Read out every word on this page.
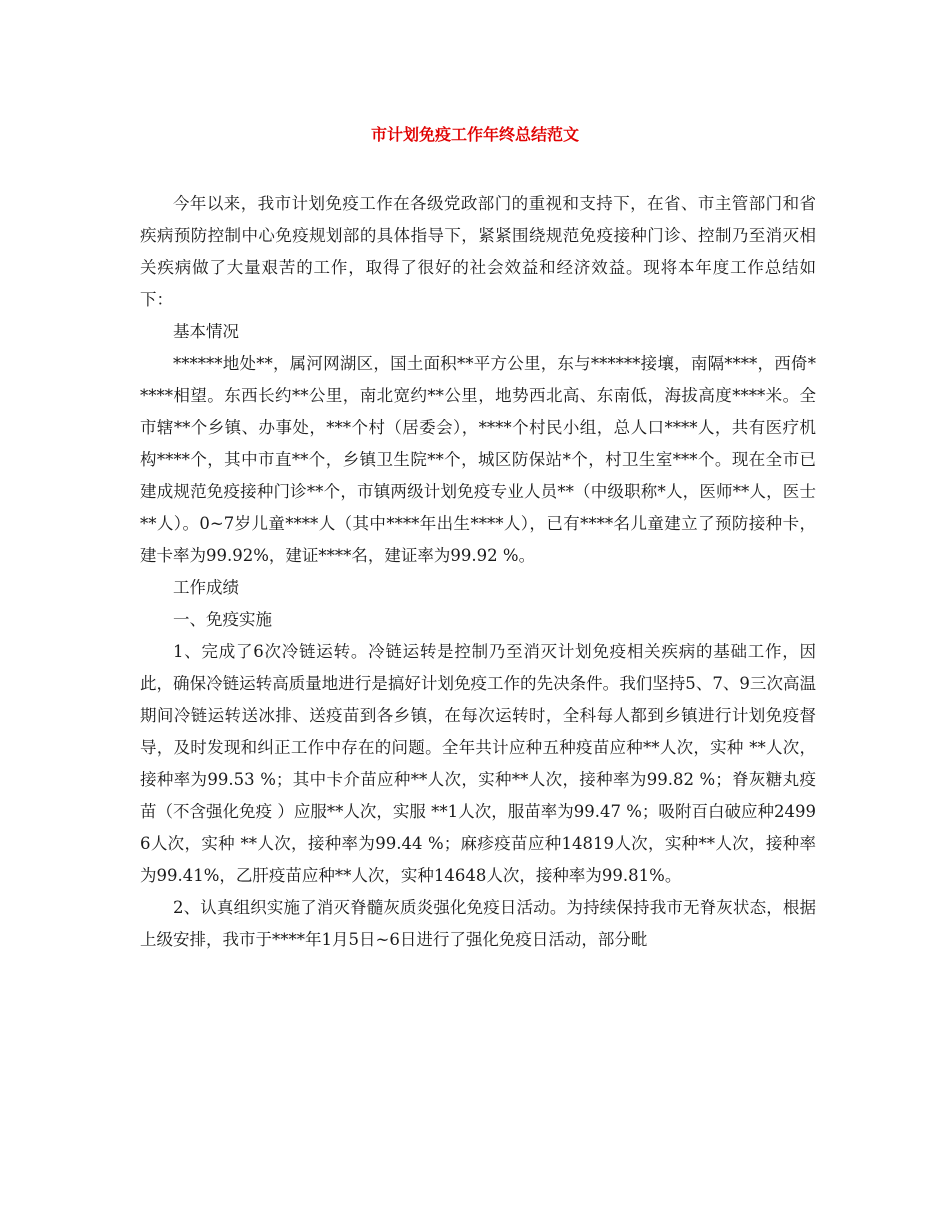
市计划免疫工作年终总结范文

今年以来，我市计划免疫工作在各级党政部门的重视和支持下，在省、市主管部门和省疾病预防控制中心免疫规划部的具体指导下，紧紧围绕规范免疫接种门诊、控制乃至消灭相关疾病做了大量艰苦的工作，取得了很好的社会效益和经济效益。现将本年度工作总结如下：

基本情况

******地处**，属河网湖区，国土面积**平方公里，东与******接壤，南隔****，西倚*****相望。东西长约**公里，南北宽约**公里，地势西北高、东南低，海拔高度****米。全市辖**个乡镇、办事处，***个村（居委会），****个村民小组，总人口****人，共有医疗机构****个，其中市直**个，乡镇卫生院**个，城区防保站*个，村卫生室***个。现在全市已建成规范免疫接种门诊**个，市镇两级计划免疫专业人员**（中级职称*人，医师**人，医士**人）。0~7岁儿童****人（其中****年出生****人），已有****名儿童建立了预防接种卡，建卡率为99.92%，建证****名，建证率为99.92 %。

工作成绩

一、免疫实施

1、完成了6次冷链运转。冷链运转是控制乃至消灭计划免疫相关疾病的基础工作，因此，确保冷链运转高质量地进行是搞好计划免疫工作的先决条件。我们坚持5、7、9三次高温期间冷链运转送冰排、送疫苗到各乡镇，在每次运转时，全科每人都到乡镇进行计划免疫督导，及时发现和纠正工作中存在的问题。全年共计应种五种疫苗应种**人次，实种 **人次，接种率为99.53 %；其中卡介苗应种**人次，实种**人次，接种率为99.82 %；脊灰糖丸疫苗（不含强化免疫 ）应服**人次，实服 **1人次，服苗率为99.47 %；吸附百白破应种24996人次，实种 **人次，接种率为99.44 %；麻疹疫苗应种14819人次，实种**人次，接种率为99.41%，乙肝疫苗应种**人次，实种14648人次，接种率为99.81%。

2、认真组织实施了消灭脊髓灰质炎强化免疫日活动。为持续保持我市无脊灰状态，根据上级安排，我市于****年1月5日~6日进行了强化免疫日活动，部分毗
